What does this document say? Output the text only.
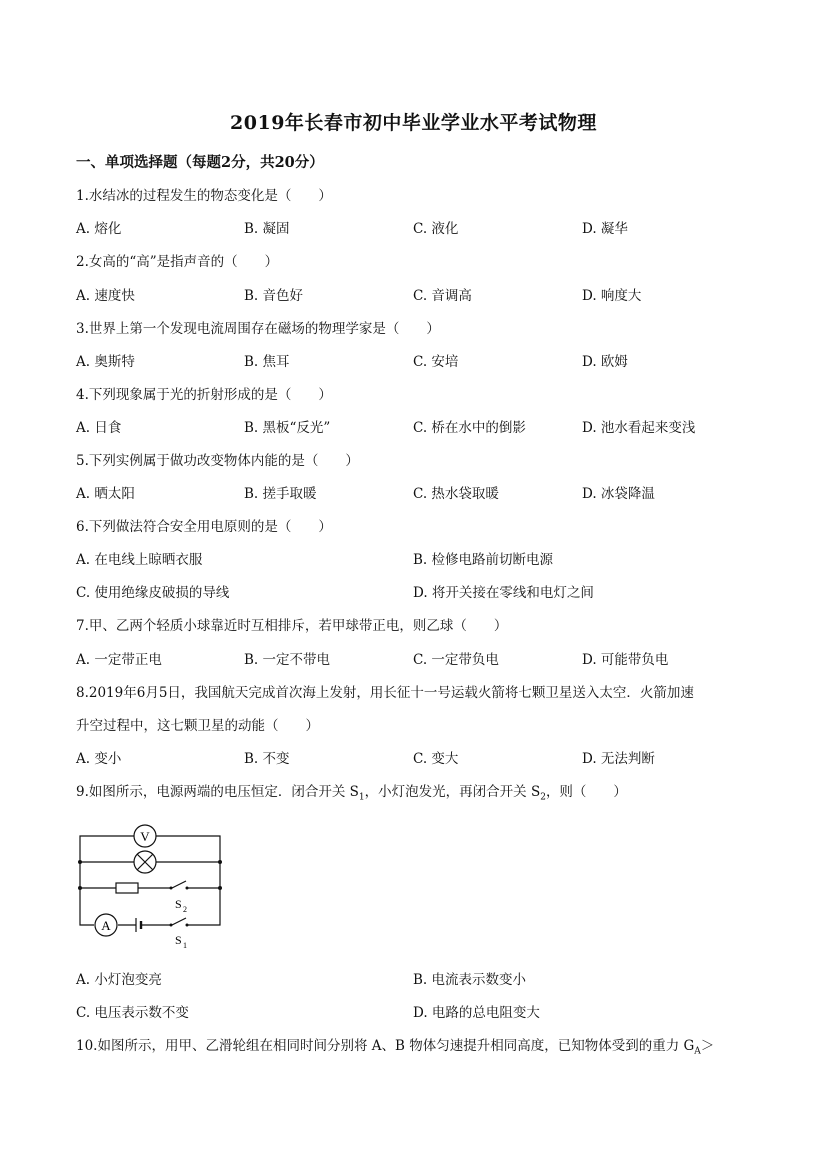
2019年长春市初中毕业学业水平考试物理
一、单项选择题（每题2分，共20分）
1.水结冰的过程发生的物态变化是（　　）
A. 熔化	B. 凝固	C. 液化	D. 凝华
2.女高的“高”是指声音的（　　）
A. 速度快	B. 音色好	C. 音调高	D. 响度大
3.世界上第一个发现电流周围存在磁场的物理学家是（　　）
A. 奥斯特	B. 焦耳	C. 安培	D. 欧姆
4.下列现象属于光的折射形成的是（　　）
A. 日食	B. 黑板“反光”	C. 桥在水中的倒影	D. 池水看起来变浅
5.下列实例属于做功改变物体内能的是（　　）
A. 晒太阳	B. 搓手取暖	C. 热水袋取暖	D. 冰袋降温
6.下列做法符合安全用电原则的是（　　）
A. 在电线上晾晒衣服	B. 检修电路前切断电源
C. 使用绝缘皮破损的导线	D. 将开关接在零线和电灯之间
7.甲、乙两个轻质小球靠近时互相排斥，若甲球带正电，则乙球（　　）
A. 一定带正电	B. 一定不带电	C. 一定带负电	D. 可能带负电
8.2019年6月5日，我国航天完成首次海上发射，用长征十一号运载火箭将七颗卫星送入太空．火箭加速
升空过程中，这七颗卫星的动能（　　）
A. 变小	B. 不变	C. 变大	D. 无法判断
9.如图所示，电源两端的电压恒定．闭合开关 $S_1$，小灯泡发光，再闭合开关 $S_2$，则（　　）
V
A
S 2
S 1
A. 小灯泡变亮	B. 电流表示数变小
C. 电压表示数不变	D. 电路的总电阻变大
10.如图所示，用甲、乙滑轮组在相同时间分别将 A、B 物体匀速提升相同高度，已知物体受到的重力 $G_A>$
